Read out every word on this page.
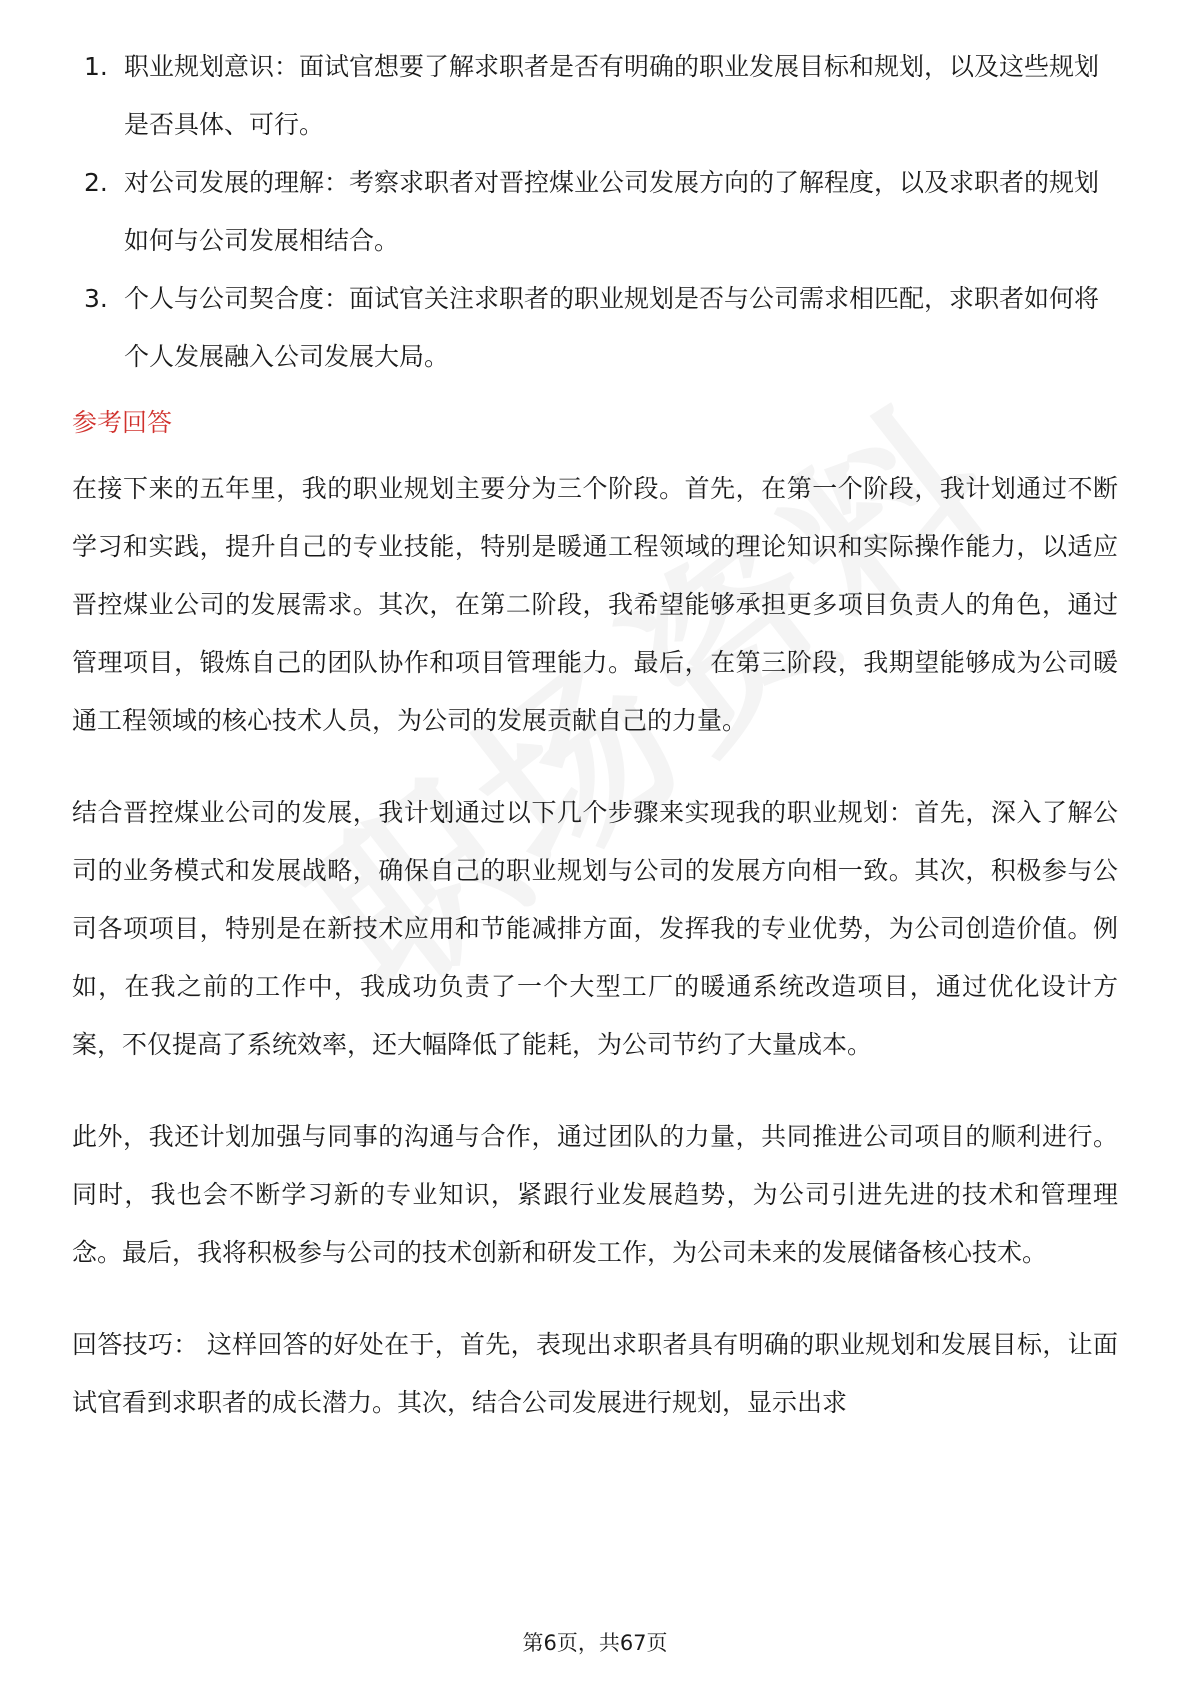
1. 职业规划意识：面试官想要了解求职者是否有明确的职业发展目标和规划，以及这些规划是否具体、可行。
2. 对公司发展的理解：考察求职者对晋控煤业公司发展方向的了解程度，以及求职者的规划如何与公司发展相结合。
3. 个人与公司契合度：面试官关注求职者的职业规划是否与公司需求相匹配，求职者如何将个人发展融入公司发展大局。
参考回答

在接下来的五年里，我的职业规划主要分为三个阶段。首先，在第一个阶段，我计划通过不断学习和实践，提升自己的专业技能，特别是暖通工程领域的理论知识和实际操作能力，以适应晋控煤业公司的发展需求。其次，在第二阶段，我希望能够承担更多项目负责人的角色，通过管理项目，锻炼自己的团队协作和项目管理能力。最后，在第三阶段，我期望能够成为公司暖通工程领域的核心技术人员，为公司的发展贡献自己的力量。

结合晋控煤业公司的发展，我计划通过以下几个步骤来实现我的职业规划：首先，深入了解公司的业务模式和发展战略，确保自己的职业规划与公司的发展方向相一致。其次，积极参与公司各项项目，特别是在新技术应用和节能减排方面，发挥我的专业优势，为公司创造价值。例如，在我之前的工作中，我成功负责了一个大型工厂的暖通系统改造项目，通过优化设计方案，不仅提高了系统效率，还大幅降低了能耗，为公司节约了大量成本。

此外，我还计划加强与同事的沟通与合作，通过团队的力量，共同推进公司项目的顺利进行。同时，我也会不断学习新的专业知识，紧跟行业发展趋势，为公司引进先进的技术和管理理念。最后，我将积极参与公司的技术创新和研发工作，为公司未来的发展储备核心技术。

回答技巧： 这样回答的好处在于，首先，表现出求职者具有明确的职业规划和发展目标，让面试官看到求职者的成长潜力。其次，结合公司发展进行规划，显示出求

第6页，共67页
